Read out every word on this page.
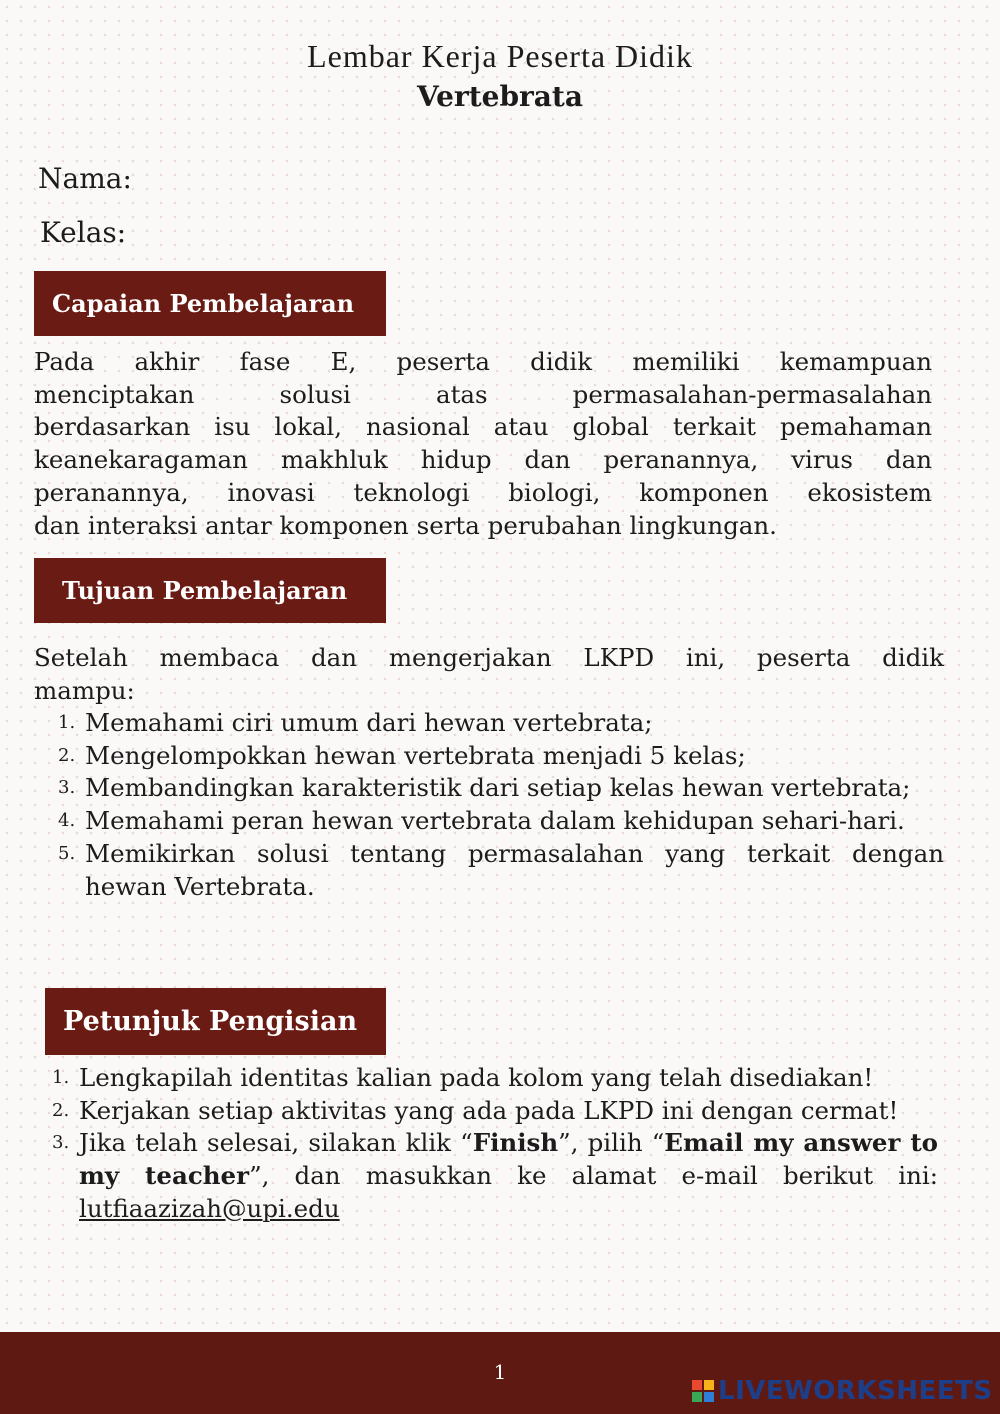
Lembar Kerja Peserta Didik
Vertebrata
Nama:
Kelas:
Capaian Pembelajaran
Pada akhir fase E, peserta didik memiliki kemampuan
menciptakan solusi atas permasalahan-permasalahan
berdasarkan isu lokal, nasional atau global terkait pemahaman
keanekaragaman makhluk hidup dan peranannya, virus dan
peranannya, inovasi teknologi biologi, komponen ekosistem
dan interaksi antar komponen serta perubahan lingkungan.
Tujuan Pembelajaran
Setelah membaca dan mengerjakan LKPD ini, peserta didik
mampu:
1. Memahami ciri umum dari hewan vertebrata;
2. Mengelompokkan hewan vertebrata menjadi 5 kelas;
3. Membandingkan karakteristik dari setiap kelas hewan vertebrata;
4. Memahami peran hewan vertebrata dalam kehidupan sehari-hari.
5. Memikirkan solusi tentang permasalahan yang terkait dengan hewan Vertebrata.
Petunjuk Pengisian
1. Lengkapilah identitas kalian pada kolom yang telah disediakan!
2. Kerjakan setiap aktivitas yang ada pada LKPD ini dengan cermat!
3. Jika telah selesai, silakan klik “Finish”, pilih “Email my answer to my teacher”, dan masukkan ke alamat e-mail berikut ini: lutfiaazizah@upi.edu
1
LIVEWORKSHEETS
